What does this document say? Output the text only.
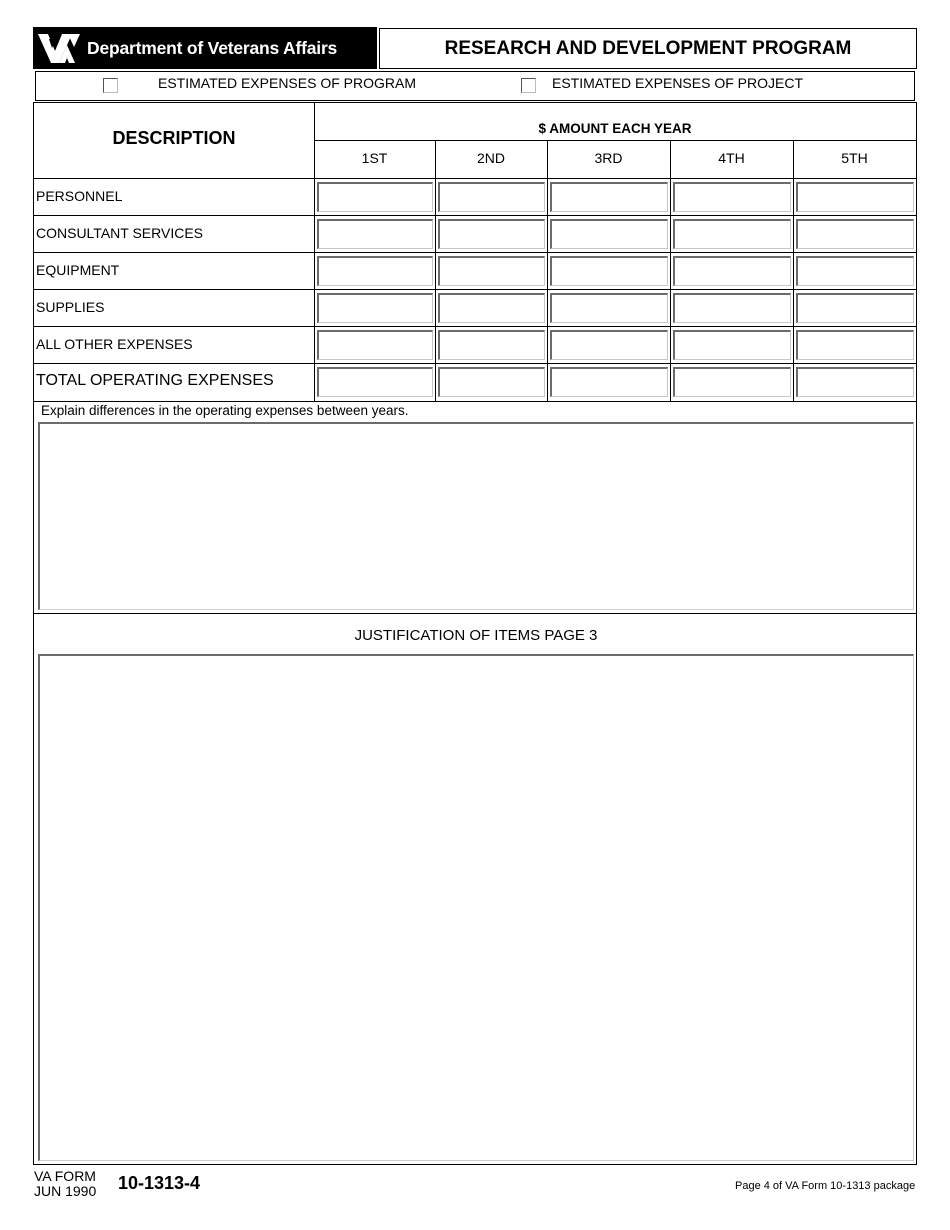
Department of Veterans Affairs	RESEARCH AND DEVELOPMENT PROGRAM
ESTIMATED EXPENSES OF PROGRAM	ESTIMATED EXPENSES OF PROJECT
DESCRIPTION	$ AMOUNT EACH YEAR
1ST	2ND	3RD	4TH	5TH
PERSONNEL
CONSULTANT SERVICES
EQUIPMENT
SUPPLIES
ALL OTHER EXPENSES
TOTAL OPERATING EXPENSES
Explain differences in the operating expenses between years.
JUSTIFICATION OF ITEMS PAGE 3
VA FORM
JUN 1990 10-1313-4	Page 4 of VA Form 10-1313 package
